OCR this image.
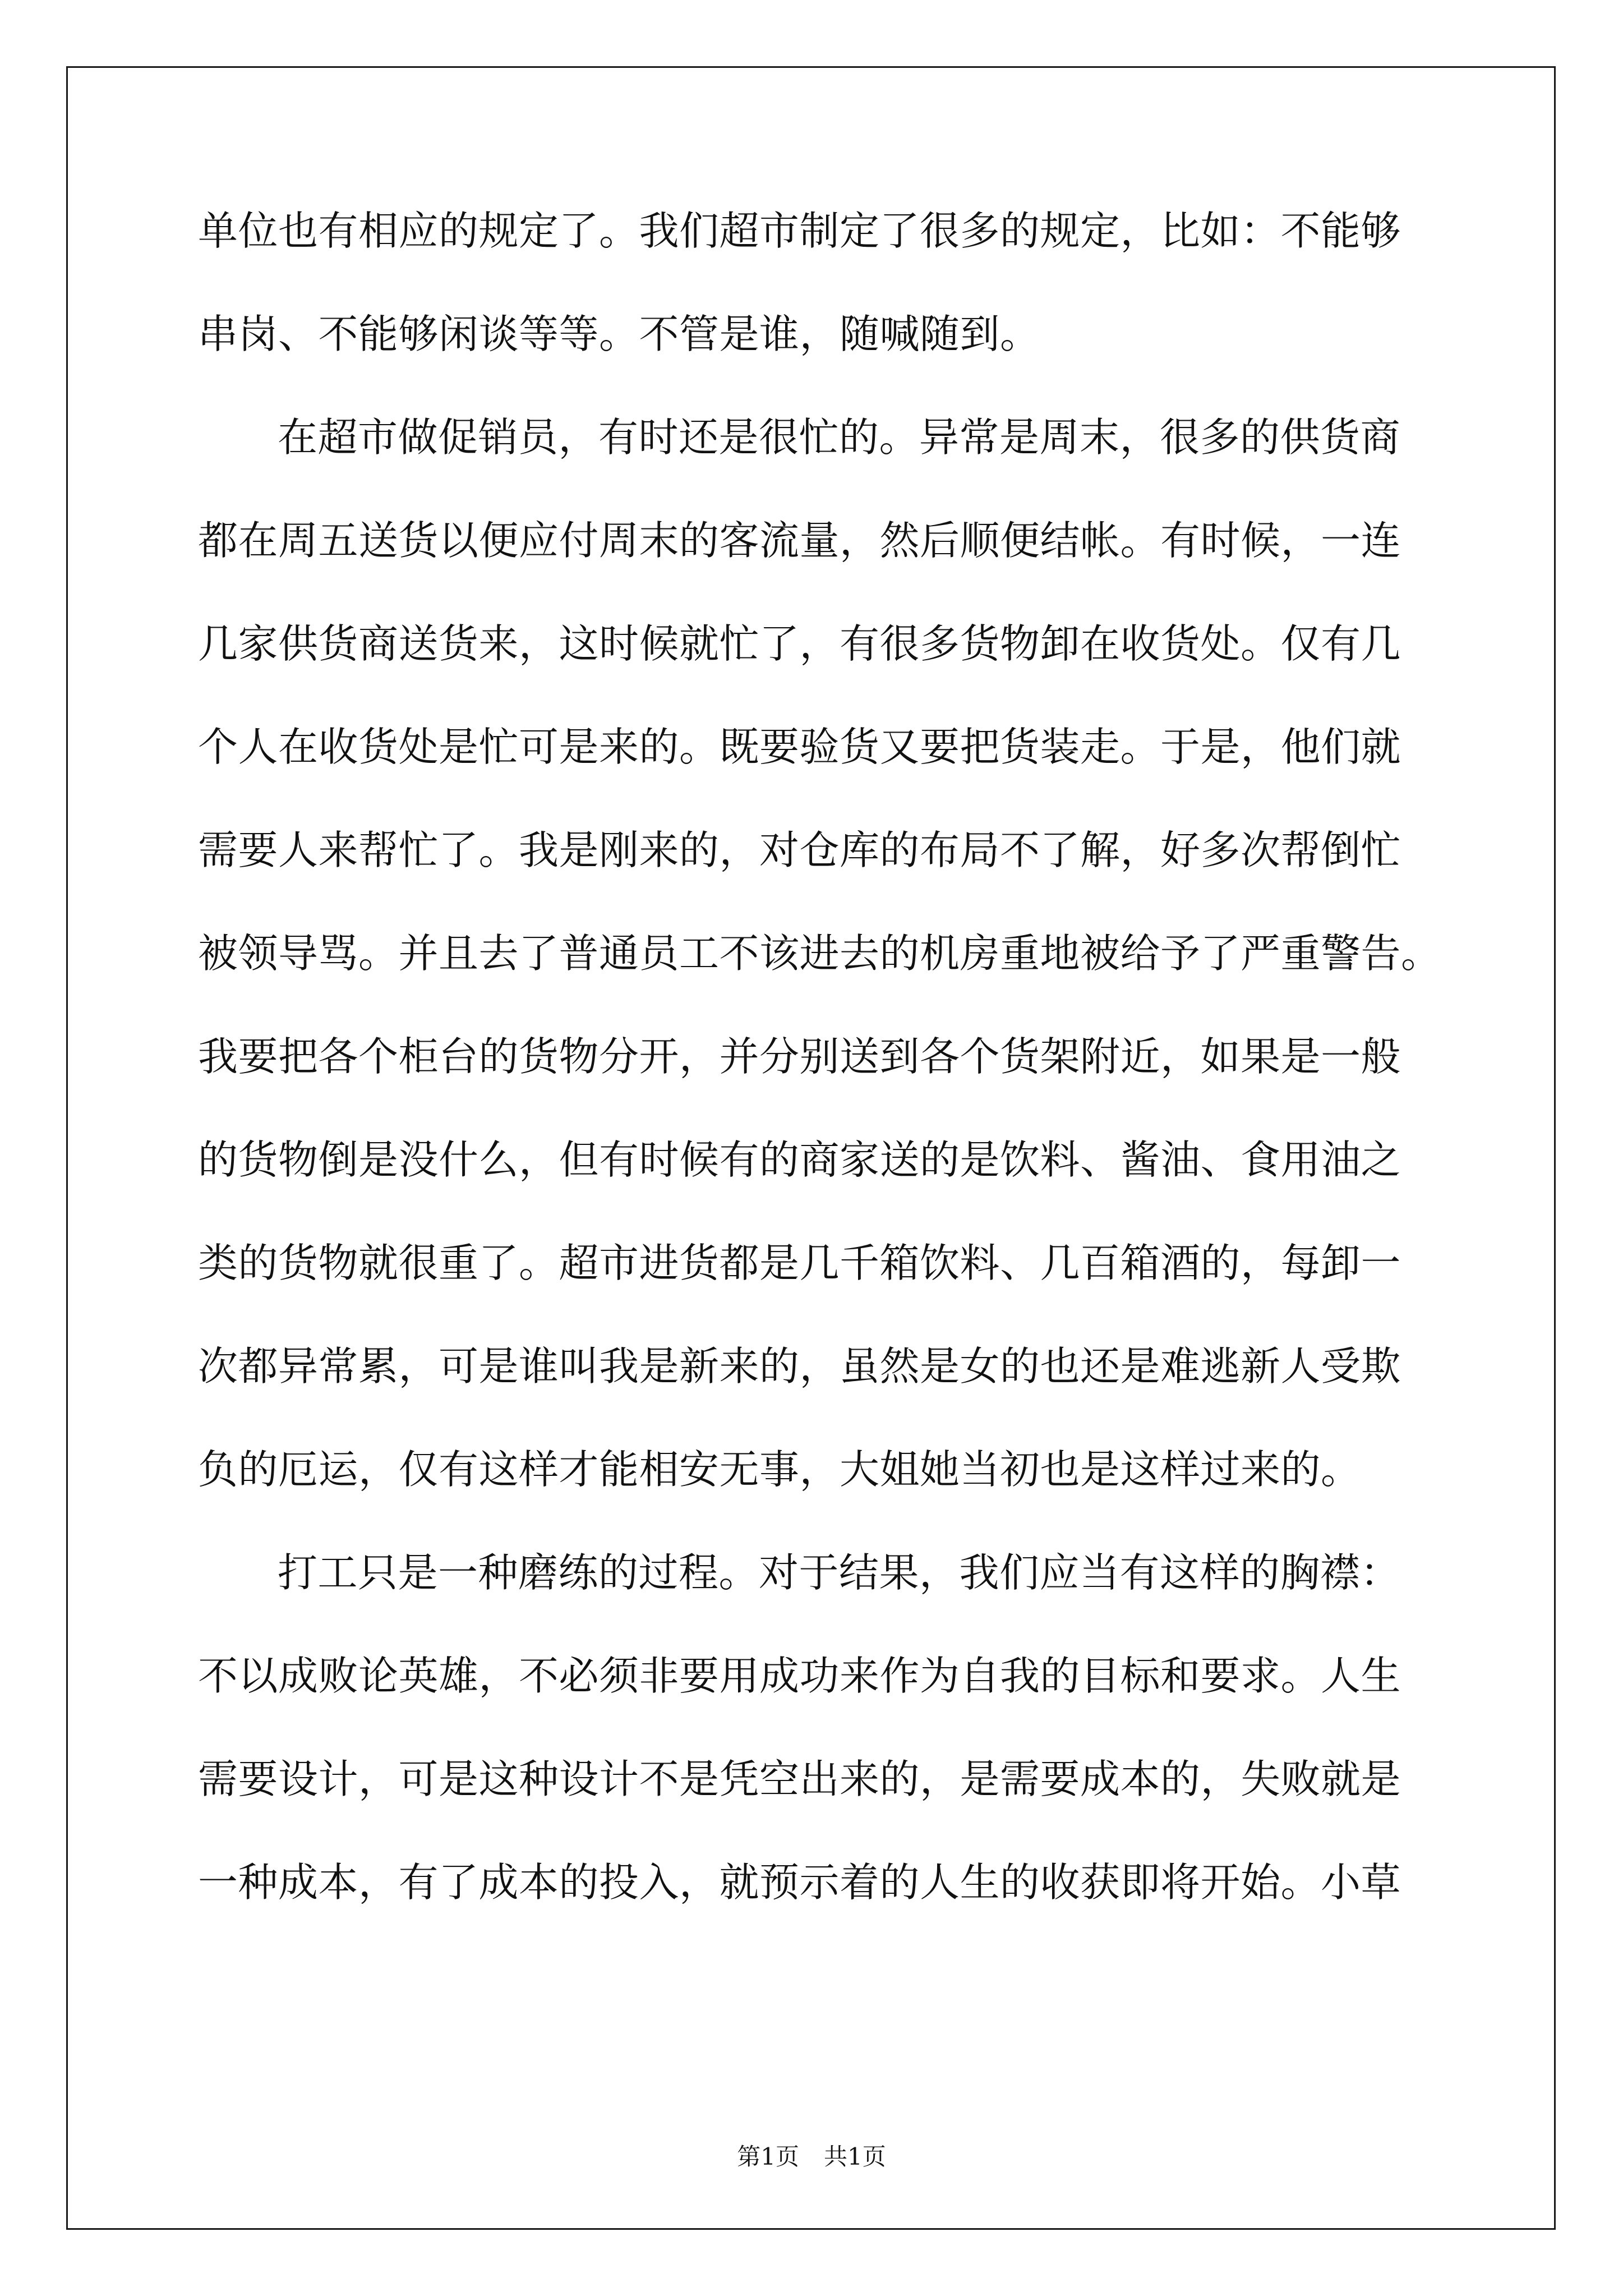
单位也有相应的规定了。我们超市制定了很多的规定，比如：不能够
串岗、不能够闲谈等等。不管是谁，随喊随到。

在超市做促销员，有时还是很忙的。异常是周末，很多的供货商
都在周五送货以便应付周末的客流量，然后顺便结帐。有时候，一连
几家供货商送货来，这时候就忙了，有很多货物卸在收货处。仅有几
个人在收货处是忙可是来的。既要验货又要把货装走。于是，他们就
需要人来帮忙了。我是刚来的，对仓库的布局不了解，好多次帮倒忙
被领导骂。并且去了普通员工不该进去的机房重地被给予了严重警告。
我要把各个柜台的货物分开，并分别送到各个货架附近，如果是一般
的货物倒是没什么，但有时候有的商家送的是饮料、酱油、食用油之
类的货物就很重了。超市进货都是几千箱饮料、几百箱酒的，每卸一
次都异常累，可是谁叫我是新来的，虽然是女的也还是难逃新人受欺
负的厄运，仅有这样才能相安无事，大姐她当初也是这样过来的。

打工只是一种磨练的过程。对于结果，我们应当有这样的胸襟：
不以成败论英雄，不必须非要用成功来作为自我的目标和要求。人生
需要设计，可是这种设计不是凭空出来的，是需要成本的，失败就是
一种成本，有了成本的投入，就预示着的人生的收获即将开始。小草

第1页 共1页
